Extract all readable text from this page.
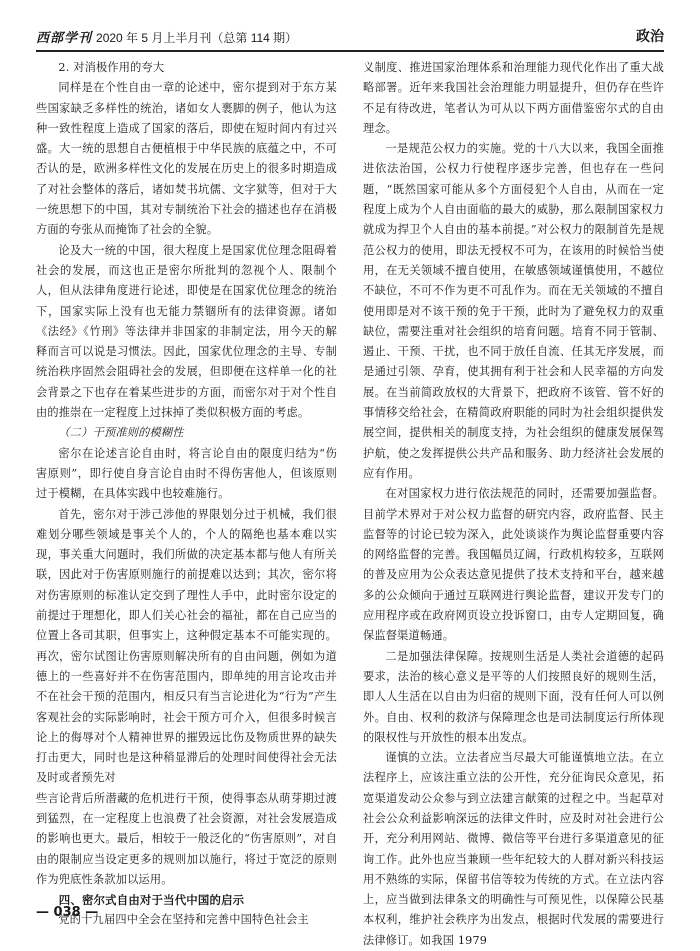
西部学刊 2020 年 5 月上半月刊（总第 114 期）	政治

2. 对消极作用的夸大

同样是在个性自由一章的论述中，密尔提到对于东方某些国家缺乏多样性的统治，诸如女人裹脚的例子，他认为这种一致性程度上造成了国家的落后，即使在短时间内有过兴盛。大一统的思想自古便植根于中华民族的底蕴之中，不可否认的是，欧洲多样性文化的发展在历史上的很多时期造成了对社会整体的落后，诸如焚书坑儒、文字狱等，但对于大一统思想下的中国，其对专制统治下社会的描述也存在消极方面的夸张从而掩饰了社会的全貌。

论及大一统的中国，很大程度上是国家优位理念阻碍着社会的发展，而这也正是密尔所批判的忽视个人、限制个人，但从法律角度进行论述，即使是在国家优位理念的统治下，国家实际上没有也无能力禁锢所有的法律资源。诸如《法经》《竹刑》等法律并非国家的非制定法，用今天的解释而言可以说是习惯法。因此，国家优位理念的主导、专制统治秩序固然会阻碍社会的发展，但即便在这样单一化的社会背景之下也存在着某些进步的方面，而密尔对于对个性自由的推崇在一定程度上过抹掉了类似积极方面的考虑。

（二）干预准则的模糊性

密尔在论述言论自由时，将言论自由的限度归结为“伤害原则”，即行使自身言论自由时不得伤害他人，但该原则过于模糊，在具体实践中也较难施行。

首先，密尔对于涉己涉他的界限划分过于机械，我们很难划分哪些领域是事关个人的，个人的隔绝也基本难以实现，事关重大问题时，我们所做的决定基本都与他人有所关联，因此对于伤害原则施行的前提难以达到；其次，密尔将对伤害原则的标准认定交到了理性人手中，此时密尔设定的前提过于理想化，即人们关心社会的福祉，都在自己应当的位置上各司其职，但事实上，这种假定基本不可能实现的。再次，密尔试图让伤害原则解决所有的自由问题，例如为道德上的一些喜好并不在伤害范围内，即单纯的用言论攻击并不在社会干预的范围内，相反只有当言论进化为“行为”产生客观社会的实际影响时，社会干预方可介入，但很多时候言论上的侮辱对个人精神世界的摧毁远比伤及物质世界的缺失打击更大，同时也是这种稍显滞后的处理时间使得社会无法及时或者预先对

些言论背后所潜藏的危机进行干预，使得事态从萌芽期过渡到猛烈，在一定程度上也浪费了社会资源，对社会发展造成的影响也更大。最后，相较于一般泛化的“伤害原则”，对自由的限制应当设定更多的规则加以施行，将过于宽泛的原则作为兜底性条款加以运用。

四、密尔式自由对于当代中国的启示

党的十九届四中全会在坚持和完善中国特色社会主

义制度、推进国家治理体系和治理能力现代化作出了重大战略部署。近年来我国社会治理能力明显提升，但仍存在些许不足有待改进，笔者认为可从以下两方面借鉴密尔式的自由理念。

一是规范公权力的实施。党的十八大以来，我国全面推进依法治国，公权力行使程序逐步完善，但也存在一些问题，“既然国家可能从多个方面侵犯个人自由，从而在一定程度上成为个人自由面临的最大的威胁，那么限制国家权力就成为捍卫个人自由的基本前提。”对公权力的限制首先是规范公权力的使用，即法无授权不可为，在该用的时候恰当使用，在无关领域不擅自使用，在敏感领域谨慎使用，不越位不缺位，不可不作为更不可乱作为。而在无关领域的不擅自使用即是对不该干预的免于干预，此时为了避免权力的双重缺位，需要注重对社会组织的培育问题。培育不同于管制、遏止、干预、干扰，也不同于放任自流、任其无序发展，而是通过引领、孕育，使其拥有利于社会和人民幸福的方向发展。在当前简政放权的大背景下，把政府不该管、管不好的事情移交给社会，在精简政府职能的同时为社会组织提供发展空间，提供相关的制度支持，为社会组织的健康发展保驾护航，使之发挥提供公共产品和服务、助力经济社会发展的应有作用。

在对国家权力进行依法规范的同时，还需要加强监督。目前学术界对于对公权力监督的研究内容，政府监督、民主监督等的讨论已较为深入，此处谈谈作为舆论监督重要内容的网络监督的完善。我国幅员辽阔，行政机构较多，互联网的普及应用为公众表达意见提供了技术支持和平台，越来越多的公众倾向于通过互联网进行舆论监督，建议开发专门的应用程序或在政府网页设立投诉窗口，由专人定期回复，确保监督渠道畅通。

二是加强法律保障。按规则生活是人类社会道德的起码要求，法治的核心意义是平等的人们按照良好的规则生活，即人人生活在以自由为归宿的规则下面，没有任何人可以例外。自由、权利的救济与保障理念也是司法制度运行所体现的限权性与开放性的根本出发点。

谨慎的立法。立法者应当尽最大可能谨慎地立法。在立法程序上，应该注重立法的公开性，充分征询民众意见，拓宽渠道发动公众参与到立法建言献策的过程之中。当起草对社会公众利益影响深远的法律文件时，应及时对社会进行公开，充分利用网站、微博、微信等平台进行多渠道意见的征询工作。此外也应当兼顾一些年纪较大的人群对新兴科技运用不熟练的实际，保留书信等较为传统的方式。在立法内容上，应当做到法律条文的明确性与可预见性，以保障公民基本权利，维护社会秩序为出发点，根据时代发展的需要进行法律修订。如我国 1979

— 038 —
